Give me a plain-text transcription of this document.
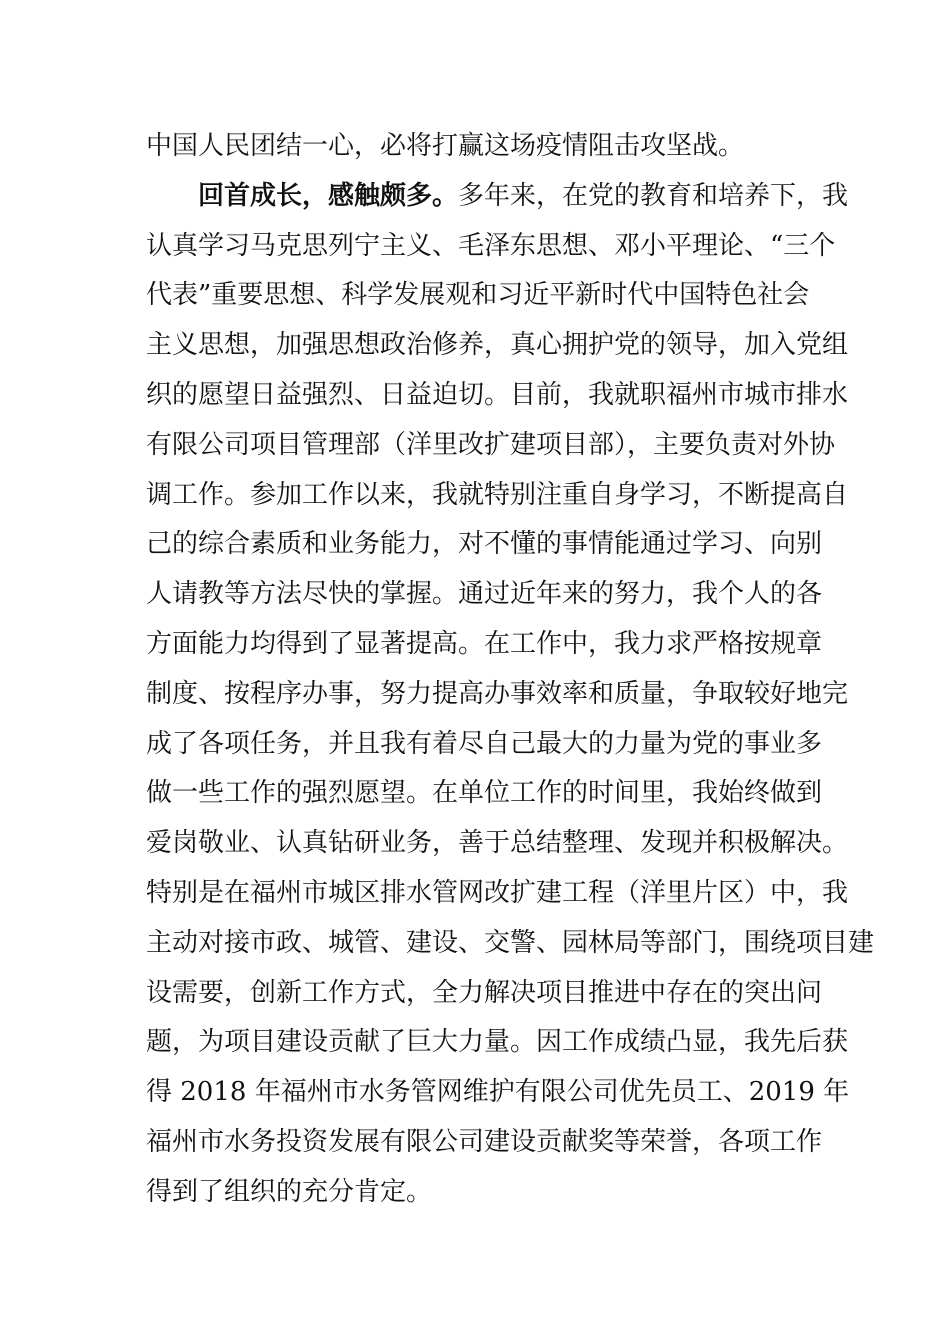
中国人民团结一心，必将打赢这场疫情阻击攻坚战。
回首成长，感触颇多。多年来，在党的教育和培养下，我
认真学习马克思列宁主义、毛泽东思想、邓小平理论、“三个
代表”重要思想、科学发展观和习近平新时代中国特色社会
主义思想，加强思想政治修养，真心拥护党的领导，加入党组
织的愿望日益强烈、日益迫切。目前，我就职福州市城市排水
有限公司项目管理部（洋里改扩建项目部），主要负责对外协
调工作。参加工作以来，我就特别注重自身学习，不断提高自
己的综合素质和业务能力，对不懂的事情能通过学习、向别
人请教等方法尽快的掌握。通过近年来的努力，我个人的各
方面能力均得到了显著提高。在工作中，我力求严格按规章
制度、按程序办事，努力提高办事效率和质量，争取较好地完
成了各项任务，并且我有着尽自己最大的力量为党的事业多
做一些工作的强烈愿望。在单位工作的时间里，我始终做到
爱岗敬业、认真钻研业务，善于总结整理、发现并积极解决。
特别是在福州市城区排水管网改扩建工程（洋里片区）中，我
主动对接市政、城管、建设、交警、园林局等部门，围绕项目建
设需要，创新工作方式，全力解决项目推进中存在的突出问
题，为项目建设贡献了巨大力量。因工作成绩凸显，我先后获
得 2018 年福州市水务管网维护有限公司优先员工、2019 年
福州市水务投资发展有限公司建设贡献奖等荣誉，各项工作
得到了组织的充分肯定。
